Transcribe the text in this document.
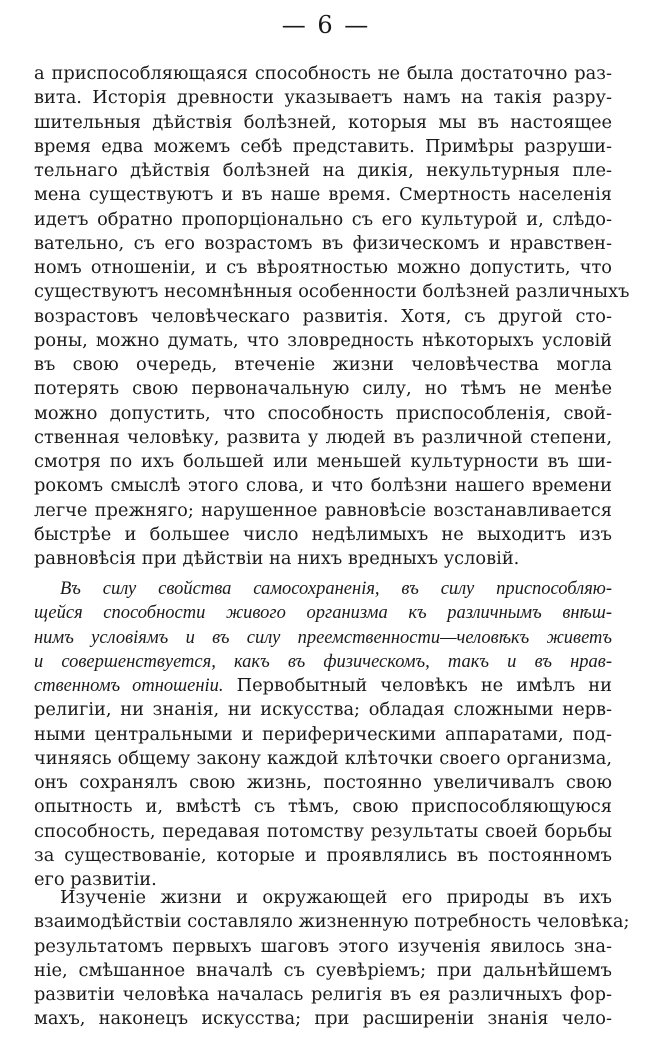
— 6 —
а приспособляющаяся способность не была достаточно раз-
вита. Исторія древности указываетъ намъ на такія разру-
шительныя дѣйствія болѣзней, которыя мы въ настоящее
время едва можемъ себѣ представить. Примѣры разруши-
тельнаго дѣйствія болѣзней на дикія, некультурныя пле-
мена существуютъ и въ наше время. Смертность населенія
идетъ обратно пропорціонально съ его культурой и, слѣдо-
вательно, съ его возрастомъ въ физическомъ и нравствен-
номъ отношеніи, и съ вѣроятностью можно допустить, что
существуютъ несомнѣнныя особенности болѣзней различныхъ
возрастовъ человѣческаго развитія. Хотя, съ другой сто-
роны, можно думать, что зловредность нѣкоторыхъ условій
въ свою очередь, втеченіе жизни человѣчества могла
потерять свою первоначальную силу, но тѣмъ не менѣе
можно допустить, что способность приспособленія, свой-
ственная человѣку, развита у людей въ различной степени,
смотря по ихъ большей или меньшей культурности въ ши-
рокомъ смыслѣ этого слова, и что болѣзни нашего времени
легче прежняго; нарушенное равновѣсіе возстанавливается
быстрѣе и большее число недѣлимыхъ не выходитъ изъ
равновѣсія при дѣйствіи на нихъ вредныхъ условій.
Въ силу свойства самосохраненія, въ силу приспособляю-
щейся способности живого организма къ различнымъ внѣш-
нимъ условіямъ и въ силу преемственности—человѣкъ живетъ
и совершенствуется, какъ въ физическомъ, такъ и въ нрав-
ственномъ отношеніи. Первобытный человѣкъ не имѣлъ ни
религіи, ни знанія, ни искусства; обладая сложными нерв-
ными центральными и периферическими аппаратами, под-
чиняясь общему закону каждой клѣточки своего организма,
онъ сохранялъ свою жизнь, постоянно увеличивалъ свою
опытность и, вмѣстѣ съ тѣмъ, свою приспособляющуюся
способность, передавая потомству результаты своей борьбы
за существованіе, которые и проявлялись въ постоянномъ
его развитіи.
Изученіе жизни и окружающей его природы въ ихъ
взаимодѣйствіи составляло жизненную потребность человѣка;
результатомъ первыхъ шаговъ этого изученія явилось зна-
ніе, смѣшанное вначалѣ съ суевѣріемъ; при дальнѣйшемъ
развитіи человѣка началась религія въ ея различныхъ фор-
махъ, наконецъ искусства; при расширеніи знанія чело-
